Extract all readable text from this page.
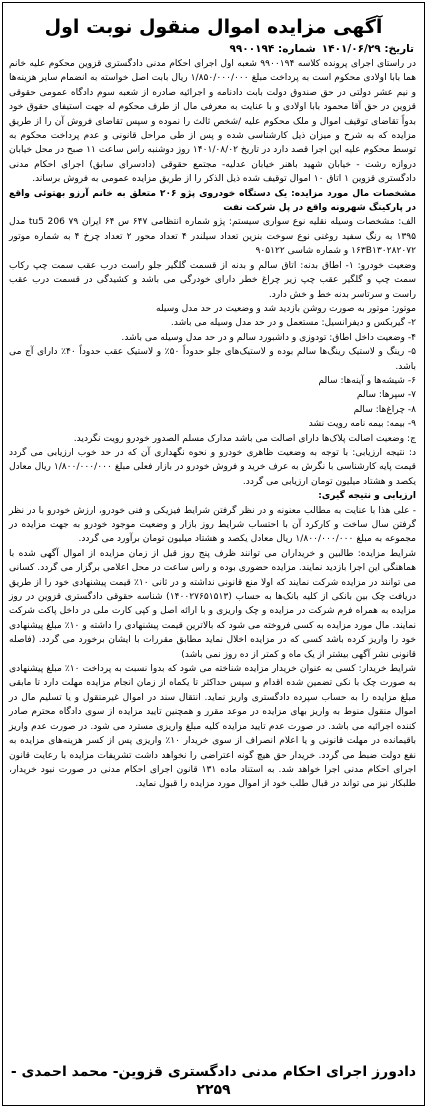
آگهی مزایده اموال منقول نوبت اول
تاریخ: ۱۴۰۱/۰۶/۲۹
شماره: ۹۹۰۰۱۹۴

در راستای اجرای پرونده کلاسه ۹۹۰۰۱۹۴ شعبه اول اجرای احکام مدنی دادگستری قزوین محکوم علیه خانم هما بابا اولادی محکوم است به پرداخت مبلغ ۱/۸۵۰/۰۰۰/۰۰۰ ریال بابت اصل خواسته به انضمام سایر هزینه‌ها و نیم عشر دولتی در حق صندوق دولت بابت دادنامه و اجرائیه صادره از شعبه سوم دادگاه عمومی حقوقی قزوین در حق آقا محمود بابا اولادی و با عنایت به معرفی مال از طرف محکوم له جهت استیفای حقوق خود بدواً تقاضای توقیف اموال و ملک محکوم علیه /شخص ثالث را نموده و سپس تقاضای فروش آن را از طریق مزایده که به شرح و میزان ذیل کارشناسی شده و پس از طی مراحل قانونی و عدم پرداخت محکوم به توسط محکوم علیه این اجرا قصد دارد در تاریخ ۱۴۰۱/۰۸/۰۲ روز دوشنبه راس ساعت ۱۱ صبح در محل خیابان دروازه رشت - خیابان شهید باهنر خیابان عدلیه- مجتمع حقوقی (دادسرای سابق) اجرای احکام مدنی دادگستری قزوین ۱ اتاق ۱۰ اموال توقیف شده ذیل الذکر را از طریق مزایده عمومی به فروش برساند.

مشخصات مال مورد مزایده: یک دستگاه خودروی پژو ۲۰۶ متعلق به خانم آرزو بهتوئی واقع در پارکینگ شهرونه واقع در پل شرکت نفت

الف: مشخصات وسیله نقلیه نوع سواری سیستم: پژو شماره انتظامی ۶۴۷ س ۶۴ ایران ۷۹ 206 tu5 مدل ۱۳۹۵ به رنگ سفید روغنی نوع سوخت بنزین تعداد سیلندر ۴ تعداد محور ۲ تعداد چرخ ۴ به شماره موتور ۱۶۳B۱۳۰۲۸۲۰۷۲ و شماره شاسی ۹۰۵۱۲۲

وضعیت خودرو: ۱- اطاق بدنه: اتاق سالم و بدنه از قسمت گلگیر جلو راست درب عقب سمت چپ رکاب سمت چپ و گلگیر عقب چپ زیر چراغ خطر دارای خودرگی می باشد و کشیدگی در قسمت درب عقب راست و سرتاسر بدنه خط و خش دارد.

موتور: موتور به صورت روشن بازدید شد و وضعیت در حد مدل وسیله

۲- گیربکس و دیفرانسیل: مستعمل و در حد مدل وسیله می باشد.

۴- وضعیت داخل اطاق: تودوزی و داشبورد سالم و در حد مدل وسیله می باشد.

۵- رینگ و لاستیک رینگ‌ها سالم بوده و لاستیک‌های جلو حدوداً ۵۰٪ و لاستیک عقب حدوداً ۴۰٪ دارای آج می باشد.

۶- شیشه‌ها و آینه‌ها: سالم

۷- سپرها: سالم

۸- چراغ‌ها: سالم

۹- بیمه: بیمه نامه رویت نشد

ج: وضعیت اصالت پلاک‌ها دارای اصالت می باشد مدارک مسلم الصدور خودرو رویت نگردید.

د: نتیجه ارزیابی: با توجه به وضعیت ظاهری خودرو و نحوه نگهداری آن که در حد خوب ارزیابی می گردد قیمت پایه کارشناسی با نگرش به عرف خرید و فروش خودرو در بازار فعلی مبلغ ۱/۸۰۰/۰۰۰/۰۰۰ ریال معادل یکصد و هشتاد میلیون تومان ارزیابی می گردد.

ارزیابی و نتیجه گیری:

- علی هذا با عنایت به مطالب معنونه و در نظر گرفتن شرایط فیزیکی و فنی خودرو، ارزش خودرو با در نظر گرفتن سال ساخت و کارکرد آن با احتساب شرایط روز بازار و وضعیت موجود خودرو به جهت مزایده در مجموعه به مبلغ ۱/۸۰۰/۰۰۰/۰۰۰ ریال معادل یکصد و هشتاد میلیون تومان برآورد می گردد.

شرایط مزایده: طالبین و خریداران می توانند ظرف پنج روز قبل از زمان مزایده از اموال آگهی شده با هماهنگی این اجرا بازدید نمایند. مزایده حضوری بوده و راس ساعت در محل اعلامی برگزار می گردد. کسانی می توانند در مزایده شرکت نمایند که اولا منع قانونی نداشته و در ثانی ۱۰٪ قیمت پیشنهادی خود را از طریق دریافت چک بین بانکی از کلیه بانک‌ها به حساب (۱۴۰۰۲۷۶۵۱۵۱۳) شناسه حقوقی دادگستری قزوین در روز مزایده به همراه فرم شرکت در مزایده و چک واریزی و با ارائه اصل و کپی کارت ملی در داخل پاکت شرکت نمایند. مال مورد مزایده به کسی فروخته می شود که بالاترین قیمت پیشنهادی را داشته و ۱۰٪ مبلغ پیشنهادی خود را واریز کرده باشد کسی که در مزایده اخلال نماید مطابق مقررات با ایشان برخورد می گردد. (فاصله قانونی نشر آگهی بیشتر از یک ماه و کمتر از ده روز نمی باشد)

شرایط خریدار: کسی به عنوان خریدار مزایده شناخته می شود که بدوا نسبت به پرداخت ۱۰٪ مبلغ پیشنهادی به صورت چک با نکی تضمین شده اقدام و سپس حداکثر تا یکماه از زمان انجام مزایده مهلت دارد تا مابقی مبلغ مزایده را به حساب سپرده دادگستری واریز نماید. انتقال سند در اموال غیرمنقول و یا تسلیم مال در اموال منقول منوط به واریز بهای مزایده در موعد مقرر و همچنین تایید مزایده از سوی دادگاه محترم صادر کننده اجرائیه می باشد. در صورت عدم تایید مزایده کلیه مبلغ واریزی مسترد می شود. در صورت عدم واریز باقیمانده در مهلت قانونی و یا اعلام انصراف از سوی خریدار ۱۰٪ واریزی پس از کسر هزینه‌های مزایده به نفع دولت ضبط می گردد. خریدار حق هیچ گونه اعتراضی را نخواهد داشت تشریفات مزایده با رعایت قانون اجرای احکام مدنی اجرا خواهد شد. به استناد ماده ۱۳۱ قانون اجرای احکام مدنی در صورت نبود خریدار، طلبکار نیز می تواند در قبال طلب خود از اموال مورد مزایده را قبول نماید.

دادورز اجرای احکام مدنی دادگستری قزوین- محمد احمدی - ۲۲۵۹
